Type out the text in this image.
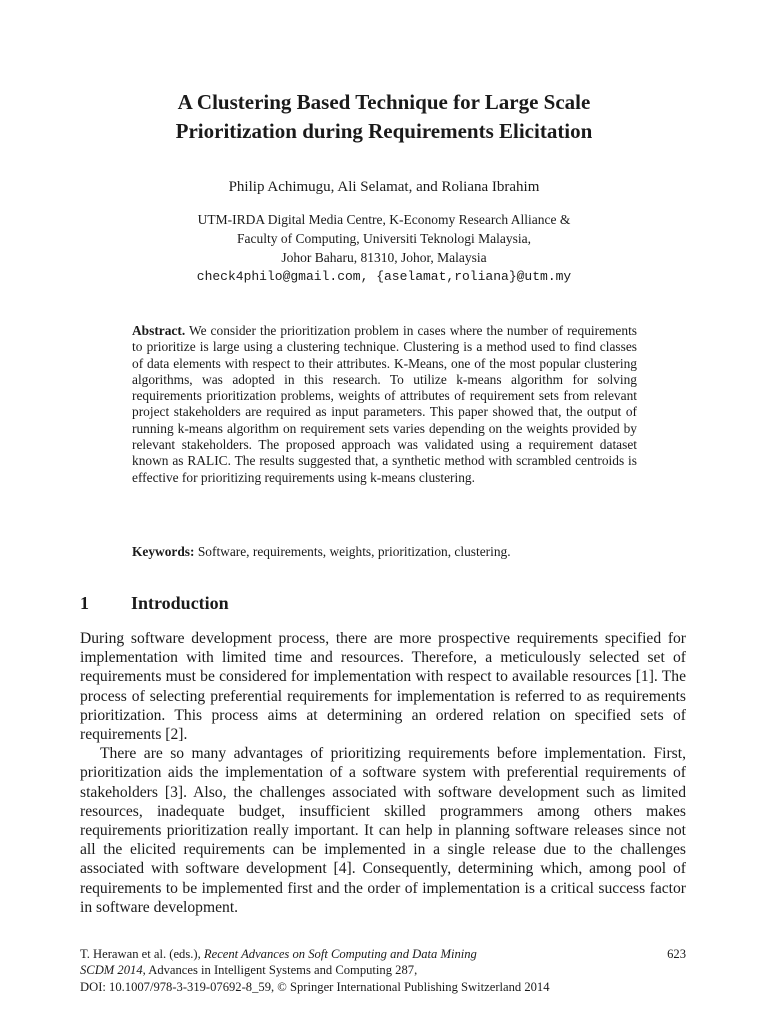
A Clustering Based Technique for Large Scale
Prioritization during Requirements Elicitation
Philip Achimugu, Ali Selamat, and Roliana Ibrahim
UTM-IRDA Digital Media Centre, K-Economy Research Alliance &
Faculty of Computing, Universiti Teknologi Malaysia,
Johor Baharu, 81310, Johor, Malaysia
check4philo@gmail.com, {aselamat,roliana}@utm.my
Abstract. We consider the prioritization problem in cases where the number of requirements to prioritize is large using a clustering technique. Clustering is a method used to find classes of data elements with respect to their attributes. K-Means, one of the most popular clustering algorithms, was adopted in this research. To utilize k-means algorithm for solving requirements prioritization problems, weights of attributes of requirement sets from relevant project stakeholders are required as input parameters. This paper showed that, the output of running k-means algorithm on requirement sets varies depending on the weights provided by relevant stakeholders. The proposed approach was validated using a requirement dataset known as RALIC. The results suggested that, a synthetic method with scrambled centroids is effective for prioritizing requirements using k-means clustering.
Keywords: Software, requirements, weights, prioritization, clustering.
1 Introduction

During software development process, there are more prospective requirements specified for implementation with limited time and resources. Therefore, a meticulously selected set of requirements must be considered for implementation with respect to available resources [1]. The process of selecting preferential requirements for implementation is referred to as requirements prioritization. This process aims at determining an ordered relation on specified sets of requirements [2].

There are so many advantages of prioritizing requirements before implementation. First, prioritization aids the implementation of a software system with preferential requirements of stakeholders [3]. Also, the challenges associated with software development such as limited resources, inadequate budget, insufficient skilled programmers among others makes requirements prioritization really important. It can help in planning software releases since not all the elicited requirements can be implemented in a single release due to the challenges associated with software development [4]. Consequently, determining which, among pool of requirements to be implemented first and the order of implementation is a critical success factor in software development.

623
T. Herawan et al. (eds.), Recent Advances on Soft Computing and Data Mining
SCDM 2014, Advances in Intelligent Systems and Computing 287,
DOI: 10.1007/978-3-319-07692-8_59, © Springer International Publishing Switzerland 2014
